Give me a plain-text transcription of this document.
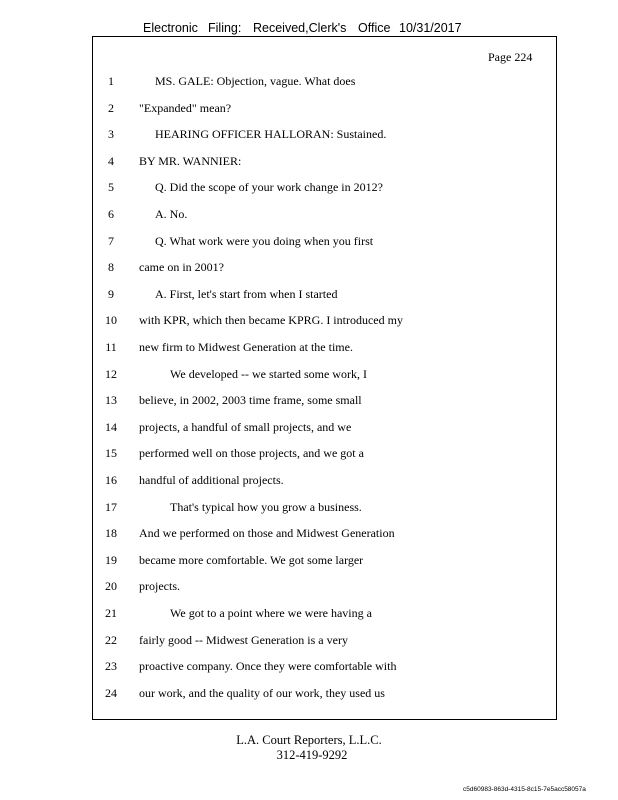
Electronic Filing: Received,Clerk's Office 10/31/2017
Page 224
1	MS. GALE: Objection, vague. What does
2	"Expanded" mean?
3	HEARING OFFICER HALLORAN: Sustained.
4	BY MR. WANNIER:
5	Q. Did the scope of your work change in 2012?
6	A. No.
7	Q. What work were you doing when you first
8	came on in 2001?
9	A. First, let's start from when I started
10	with KPR, which then became KPRG. I introduced my
11	new firm to Midwest Generation at the time.
12	We developed -- we started some work, I
13	believe, in 2002, 2003 time frame, some small
14	projects, a handful of small projects, and we
15	performed well on those projects, and we got a
16	handful of additional projects.
17	That's typical how you grow a business.
18	And we performed on those and Midwest Generation
19	became more comfortable. We got some larger
20	projects.
21	We got to a point where we were having a
22	fairly good -- Midwest Generation is a very
23	proactive company. Once they were comfortable with
24	our work, and the quality of our work, they used us
L.A. Court Reporters, L.L.C.
312-419-9292
c5d60983-863d-4315-8c15-7e5acc58057a
